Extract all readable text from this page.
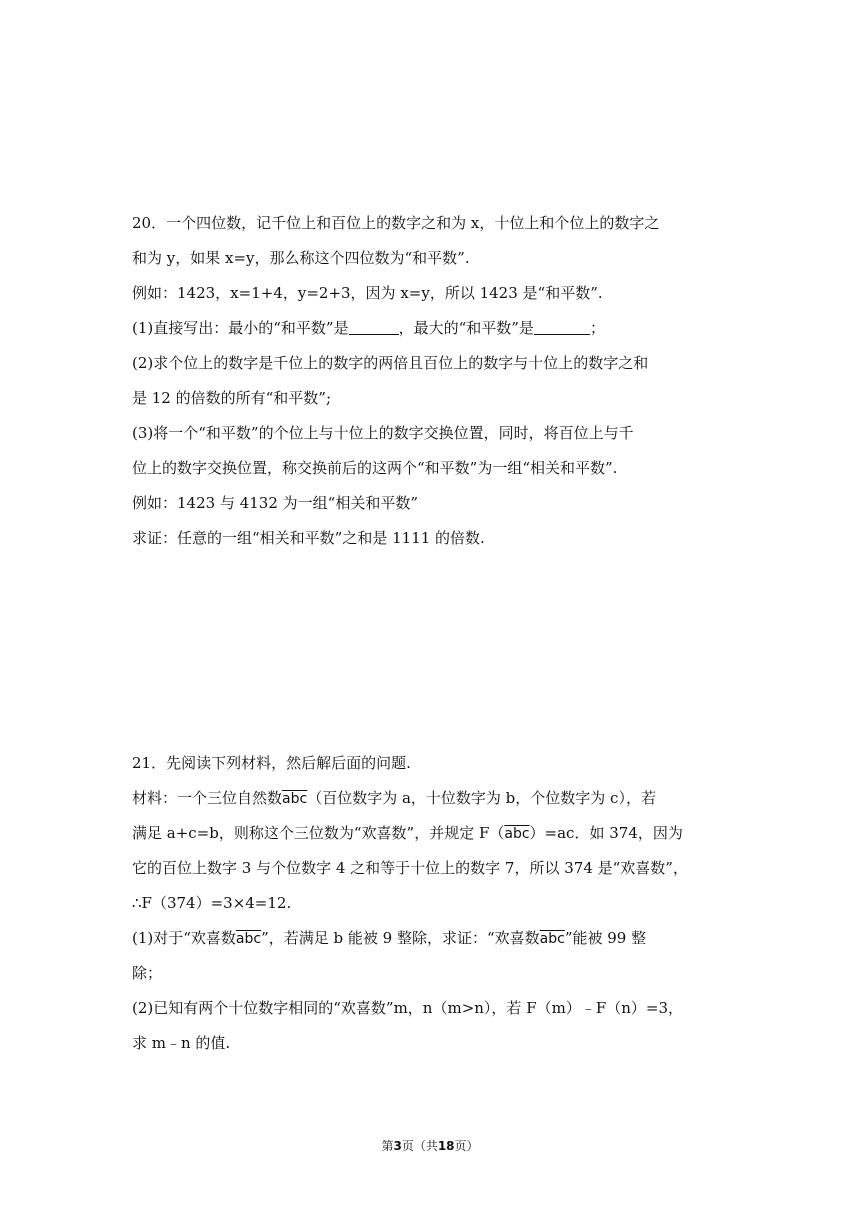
20．一个四位数，记千位上和百位上的数字之和为 x，十位上和个位上的数字之
和为 y，如果 x=y，那么称这个四位数为“和平数”.
例如：1423，x=1+4，y=2+3，因为 x=y，所以 1423 是“和平数”.
(1)直接写出：最小的“和平数”是	，最大的“和平数”是	；
(2)求个位上的数字是千位上的数字的两倍且百位上的数字与十位上的数字之和
是 12 的倍数的所有“和平数”;
(3)将一个“和平数”的个位上与十位上的数字交换位置，同时，将百位上与千
位上的数字交换位置，称交换前后的这两个“和平数”为一组“相关和平数”.
例如：1423 与 4132 为一组“相关和平数”
求证：任意的一组“相关和平数”之和是 1111 的倍数.
21．先阅读下列材料，然后解后面的问题.
材料：一个三位自然数$\overline{abc}$（百位数字为 a，十位数字为 b，个位数字为 c），若
满足 a+c=b，则称这个三位数为“欢喜数”，并规定 $F(\overline{abc})=ac$．如 374，因为
它的百位上数字 3 与个位数字 4 之和等于十位上的数字 7，所以 374 是“欢喜数”，
∴F（374）=3×4=12.
(1)对于“欢喜数$\overline{abc}$”，若满足 b 能被 9 整除，求证：“欢喜数$\overline{abc}$”能被 99 整
除；
(2)已知有两个十位数字相同的“欢喜数”m，n（m>n），若 F（m）﹣F（n）=3，
求 m﹣n 的值.
第3页（共18页）
